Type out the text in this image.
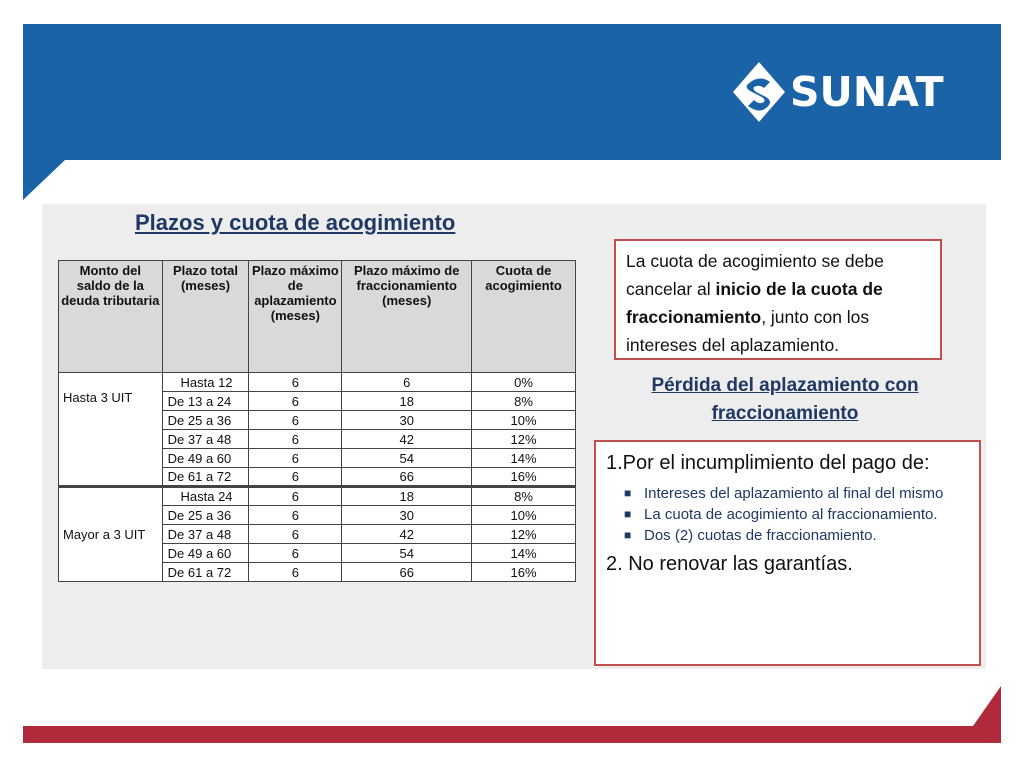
SUNAT
Plazos y cuota de acogimiento
Monto del saldo de la deuda tributaria	Plazo total (meses)	Plazo máximo de aplazamiento (meses)	Plazo máximo de fraccionamiento (meses)	Cuota de acogimiento
Hasta 3 UIT	Hasta 12	6	6	0%
	De 13 a 24	6	18	8%
	De 25 a 36	6	30	10%
	De 37 a 48	6	42	12%
	De 49 a 60	6	54	14%
	De 61 a 72	6	66	16%
Mayor a 3 UIT	Hasta 24	6	18	8%
	De 25 a 36	6	30	10%
	De 37 a 48	6	42	12%
	De 49 a 60	6	54	14%
	De 61 a 72	6	66	16%
La cuota de acogimiento se debe cancelar al inicio de la cuota de fraccionamiento, junto con los intereses del aplazamiento.
Pérdida del aplazamiento con fraccionamiento
1.Por el incumplimiento del pago de:
■ Intereses del aplazamiento al final del mismo
■ La cuota de acogimiento al fraccionamiento.
■ Dos (2) cuotas de fraccionamiento.
2. No renovar las garantías.
